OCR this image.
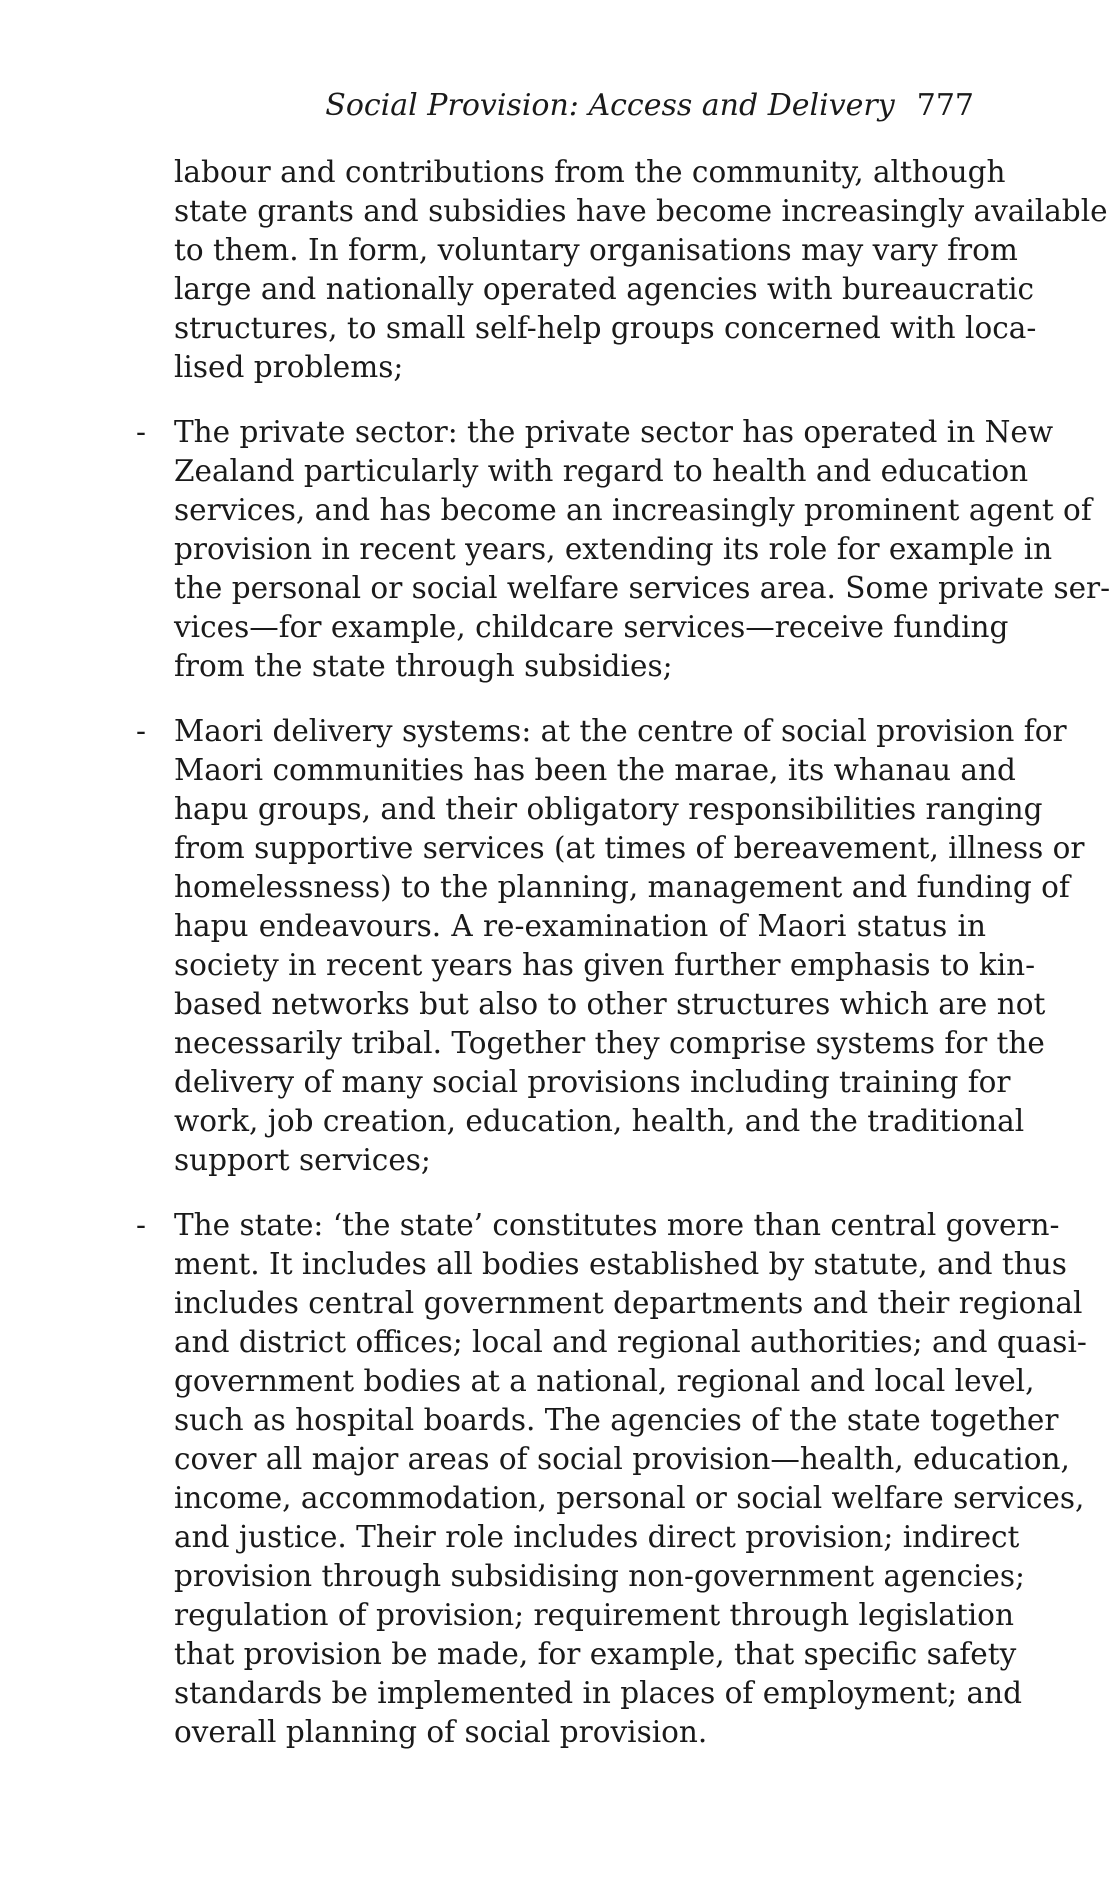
Social Provision: Access and Delivery 777

labour and contributions from the community, although
state grants and subsidies have become increasingly available
to them. In form, voluntary organisations may vary from
large and nationally operated agencies with bureaucratic
structures, to small self-help groups concerned with loca-
lised problems;

- The private sector: the private sector has operated in New
Zealand particularly with regard to health and education
services, and has become an increasingly prominent agent of
provision in recent years, extending its role for example in
the personal or social welfare services area. Some private ser-
vices—for example, childcare services—receive funding
from the state through subsidies;

- Maori delivery systems: at the centre of social provision for
Maori communities has been the marae, its whanau and
hapu groups, and their obligatory responsibilities ranging
from supportive services (at times of bereavement, illness or
homelessness) to the planning, management and funding of
hapu endeavours. A re-examination of Maori status in
society in recent years has given further emphasis to kin-
based networks but also to other structures which are not
necessarily tribal. Together they comprise systems for the
delivery of many social provisions including training for
work, job creation, education, health, and the traditional
support services;

- The state: ‘the state’ constitutes more than central govern-
ment. It includes all bodies established by statute, and thus
includes central government departments and their regional
and district offices; local and regional authorities; and quasi-
government bodies at a national, regional and local level,
such as hospital boards. The agencies of the state together
cover all major areas of social provision—health, education,
income, accommodation, personal or social welfare services,
and justice. Their role includes direct provision; indirect
provision through subsidising non-government agencies;
regulation of provision; requirement through legislation
that provision be made, for example, that specific safety
standards be implemented in places of employment; and
overall planning of social provision.
